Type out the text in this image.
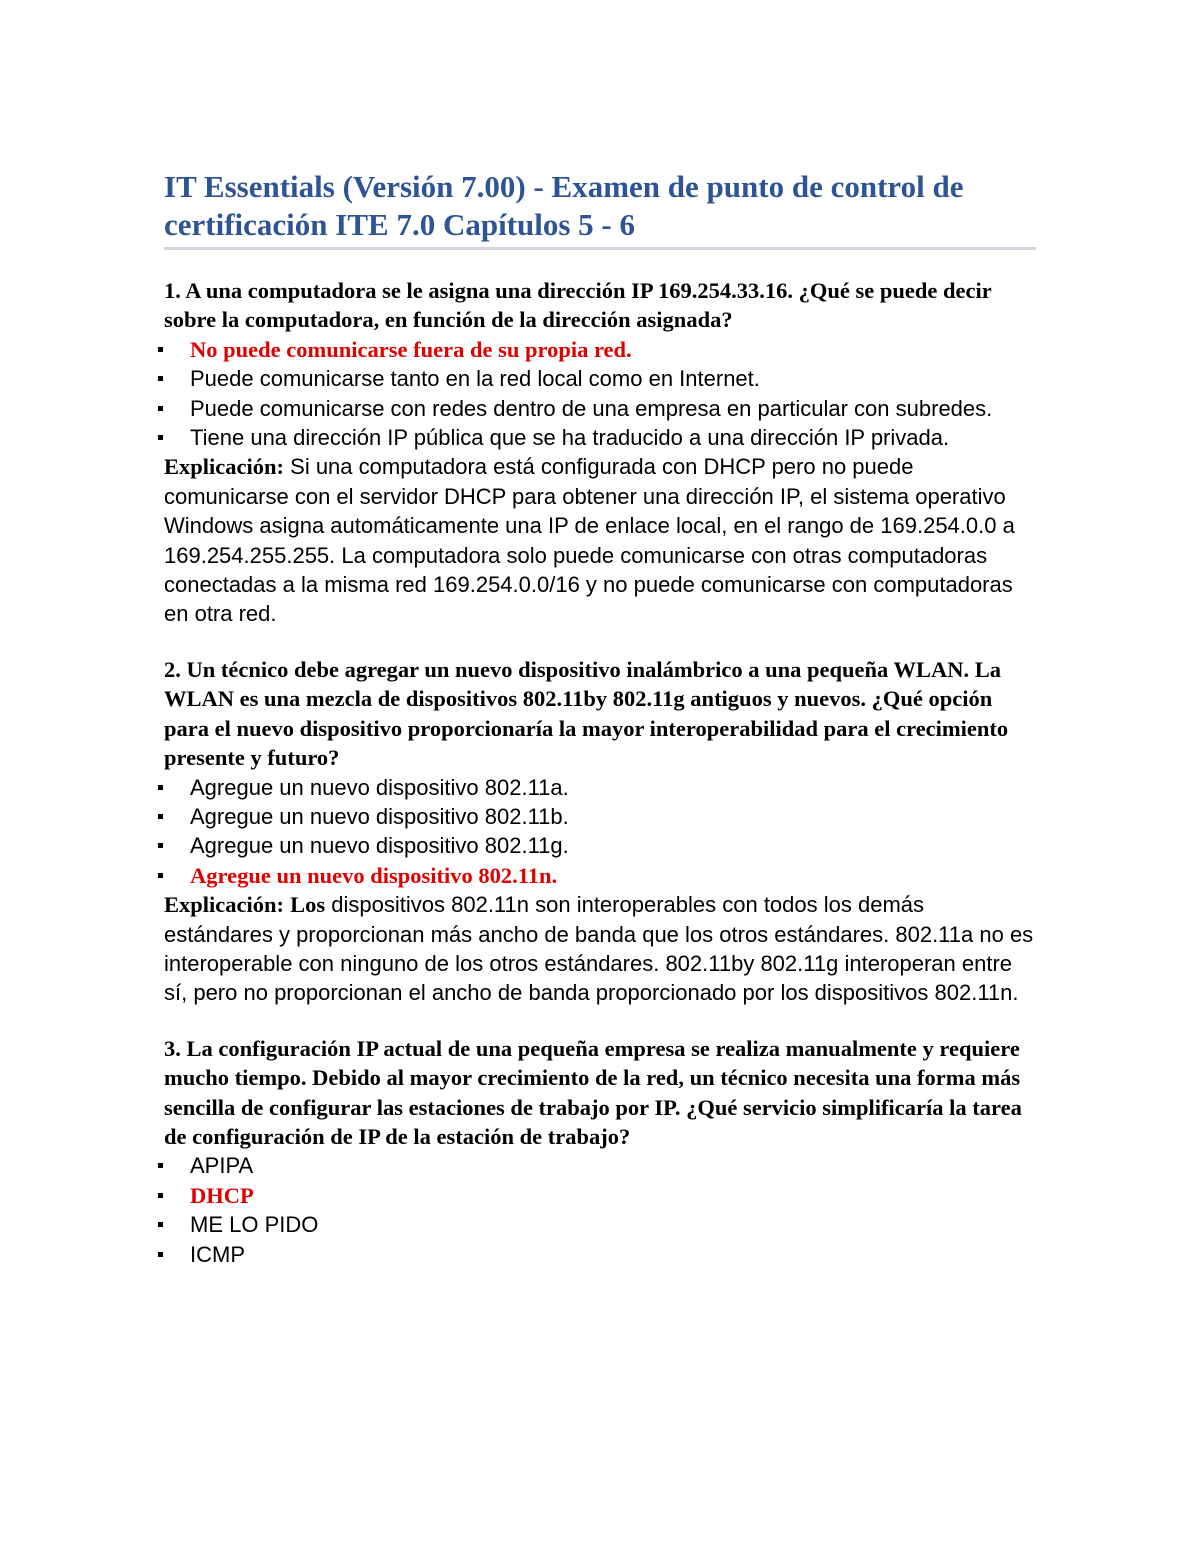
IT Essentials (Versión 7.00) - Examen de punto de control de certificación ITE 7.0 Capítulos 5 - 6

1. A una computadora se le asigna una dirección IP 169.254.33.16. ¿Qué se puede decir sobre la computadora, en función de la dirección asignada?

No puede comunicarse fuera de su propia red.
Puede comunicarse tanto en la red local como en Internet.
Puede comunicarse con redes dentro de una empresa en particular con subredes.
Tiene una dirección IP pública que se ha traducido a una dirección IP privada.

Explicación: Si una computadora está configurada con DHCP pero no puede comunicarse con el servidor DHCP para obtener una dirección IP, el sistema operativo Windows asigna automáticamente una IP de enlace local, en el rango de 169.254.0.0 a 169.254.255.255. La computadora solo puede comunicarse con otras computadoras conectadas a la misma red 169.254.0.0/16 y no puede comunicarse con computadoras en otra red.

2. Un técnico debe agregar un nuevo dispositivo inalámbrico a una pequeña WLAN. La WLAN es una mezcla de dispositivos 802.11by 802.11g antiguos y nuevos. ¿Qué opción para el nuevo dispositivo proporcionaría la mayor interoperabilidad para el crecimiento presente y futuro?

Agregue un nuevo dispositivo 802.11a.
Agregue un nuevo dispositivo 802.11b.
Agregue un nuevo dispositivo 802.11g.
Agregue un nuevo dispositivo 802.11n.

Explicación: Los dispositivos 802.11n son interoperables con todos los demás estándares y proporcionan más ancho de banda que los otros estándares. 802.11a no es interoperable con ninguno de los otros estándares. 802.11by 802.11g interoperan entre sí, pero no proporcionan el ancho de banda proporcionado por los dispositivos 802.11n.

3. La configuración IP actual de una pequeña empresa se realiza manualmente y requiere mucho tiempo. Debido al mayor crecimiento de la red, un técnico necesita una forma más sencilla de configurar las estaciones de trabajo por IP. ¿Qué servicio simplificaría la tarea de configuración de IP de la estación de trabajo?

APIPA
DHCP
ME LO PIDO
ICMP
